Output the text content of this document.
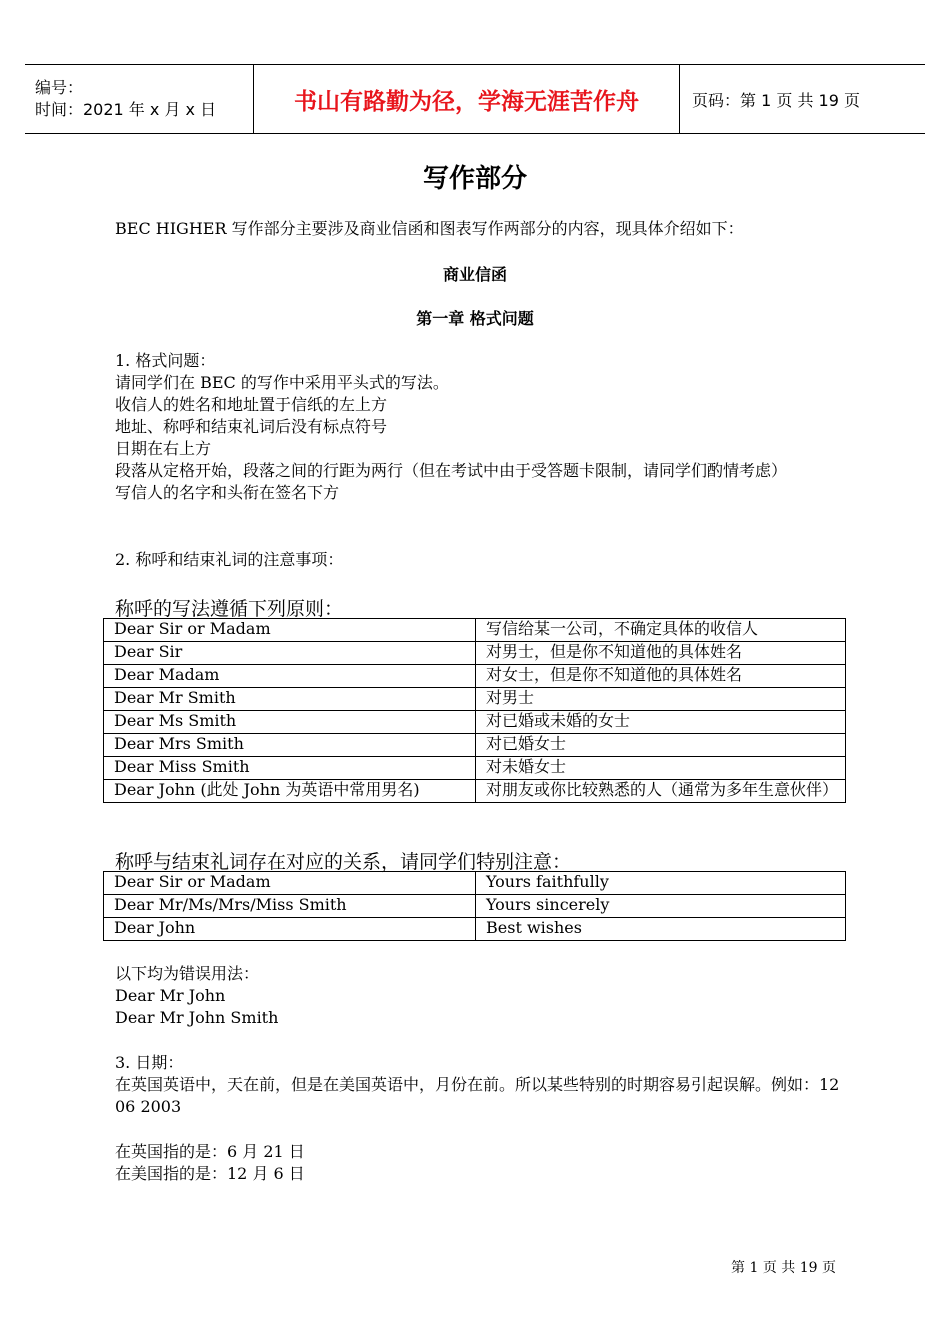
编号：
时间：2021 年 x 月 x 日	书山有路勤为径，学海无涯苦作舟	页码：第 1 页 共 19 页
写作部分
BEC HIGHER 写作部分主要涉及商业信函和图表写作两部分的内容，现具体介绍如下：
商业信函
第一章 格式问题

1. 格式问题：

请同学们在 BEC 的写作中采用平头式的写法。

收信人的姓名和地址置于信纸的左上方

地址、称呼和结束礼词后没有标点符号

日期在右上方

段落从定格开始，段落之间的行距为两行（但在考试中由于受答题卡限制，请同学们酌情考虑）

写信人的名字和头衔在签名下方

2. 称呼和结束礼词的注意事项：
称呼的写法遵循下列原则：
Dear Sir or Madam	写信给某一公司，不确定具体的收信人
Dear Sir	对男士，但是你不知道他的具体姓名
Dear Madam	对女士，但是你不知道他的具体姓名
Dear Mr Smith	对男士
Dear Ms Smith	对已婚或未婚的女士
Dear Mrs Smith	对已婚女士
Dear Miss Smith	对未婚女士
Dear John (此处 John 为英语中常用男名)	对朋友或你比较熟悉的人（通常为多年生意伙伴）
称呼与结束礼词存在对应的关系，请同学们特别注意：
Dear Sir or Madam	Yours faithfully
Dear Mr/Ms/Mrs/Miss Smith	Yours sincerely
Dear John	Best wishes

以下均为错误用法：

Dear Mr John

Dear Mr John Smith

3. 日期：

在英国英语中，天在前，但是在美国英语中，月份在前。所以某些特别的时期容易引起误解。例如：12 06 2003

在英国指的是：6 月 21 日

在美国指的是：12 月 6 日

第 1 页 共 19 页
